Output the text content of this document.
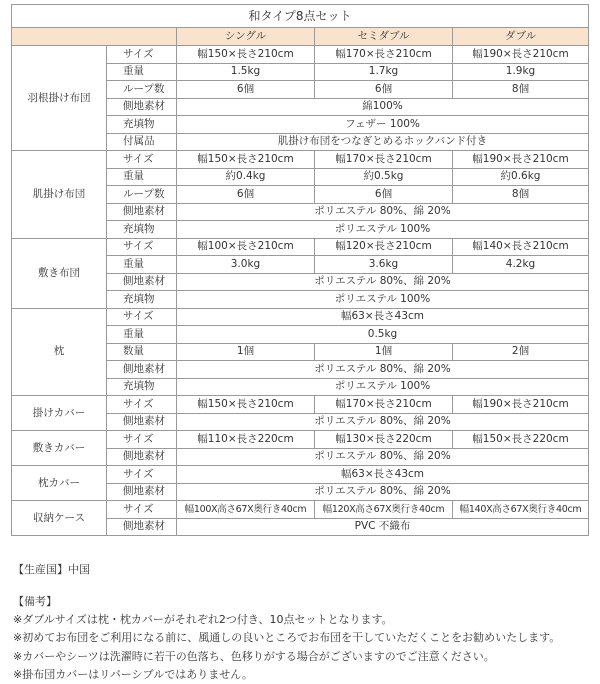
和タイプ8点セット				
		シングル	セミダブル	ダブル
羽根掛け布団	サイズ	幅150×長さ210cm	幅170×長さ210cm	幅190×長さ210cm
	重量	1.5kg	1.7kg	1.9kg
	ループ数	6個	6個	8個
	側地素材	綿100%		
	充填物	フェザー 100%		
	付属品	肌掛け布団をつなぎとめるホックバンド付き		
肌掛け布団	サイズ	幅150×長さ210cm	幅170×長さ210cm	幅190×長さ210cm
	重量	約0.4kg	約0.5kg	約0.6kg
	ループ数	6個	6個	8個
	側地素材	ポリエステル 80%、綿 20%		
	充填物	ポリエステル 100%		
敷き布団	サイズ	幅100×長さ210cm	幅120×長さ210cm	幅140×長さ210cm
	重量	3.0kg	3.6kg	4.2kg
	側地素材	ポリエステル 80%、綿 20%		
	充填物	ポリエステル 100%		
枕	サイズ	幅63×長さ43cm		
	重量	0.5kg		
	数量	1個	1個	2個
	側地素材	ポリエステル 80%、綿 20%		
	充填物	ポリエステル 100%		
掛けカバー	サイズ	幅150×長さ210cm	幅170×長さ210cm	幅190×長さ210cm
	側地素材	ポリエステル 80%、綿 20%		
敷きカバー	サイズ	幅110×長さ220cm	幅130×長さ220cm	幅150×長さ220cm
	側地素材	ポリエステル 80%、綿 20%		
枕カバー	サイズ	幅63×長さ43cm		
	側地素材	ポリエステル 80%、綿 20%		
収納ケース	サイズ	幅100X高さ67X奥行き40cm	幅120X高さ67X奥行き40cm	幅140X高さ67X奥行き40cm
	側地素材	PVC 不織布		
【生産国】中国
【備考】
※ダブルサイズは枕・枕カバーがそれぞれ2つ付き、10点セットとなります。
※初めてお布団をご利用になる前に、風通しの良いところでお布団を干していただくことをお勧めいたします。
※カバーやシーツは洗濯時に若干の色落ち、色移りがする場合がございますのでご注意ください。
※掛布団カバーはリバーシブルではありません。
